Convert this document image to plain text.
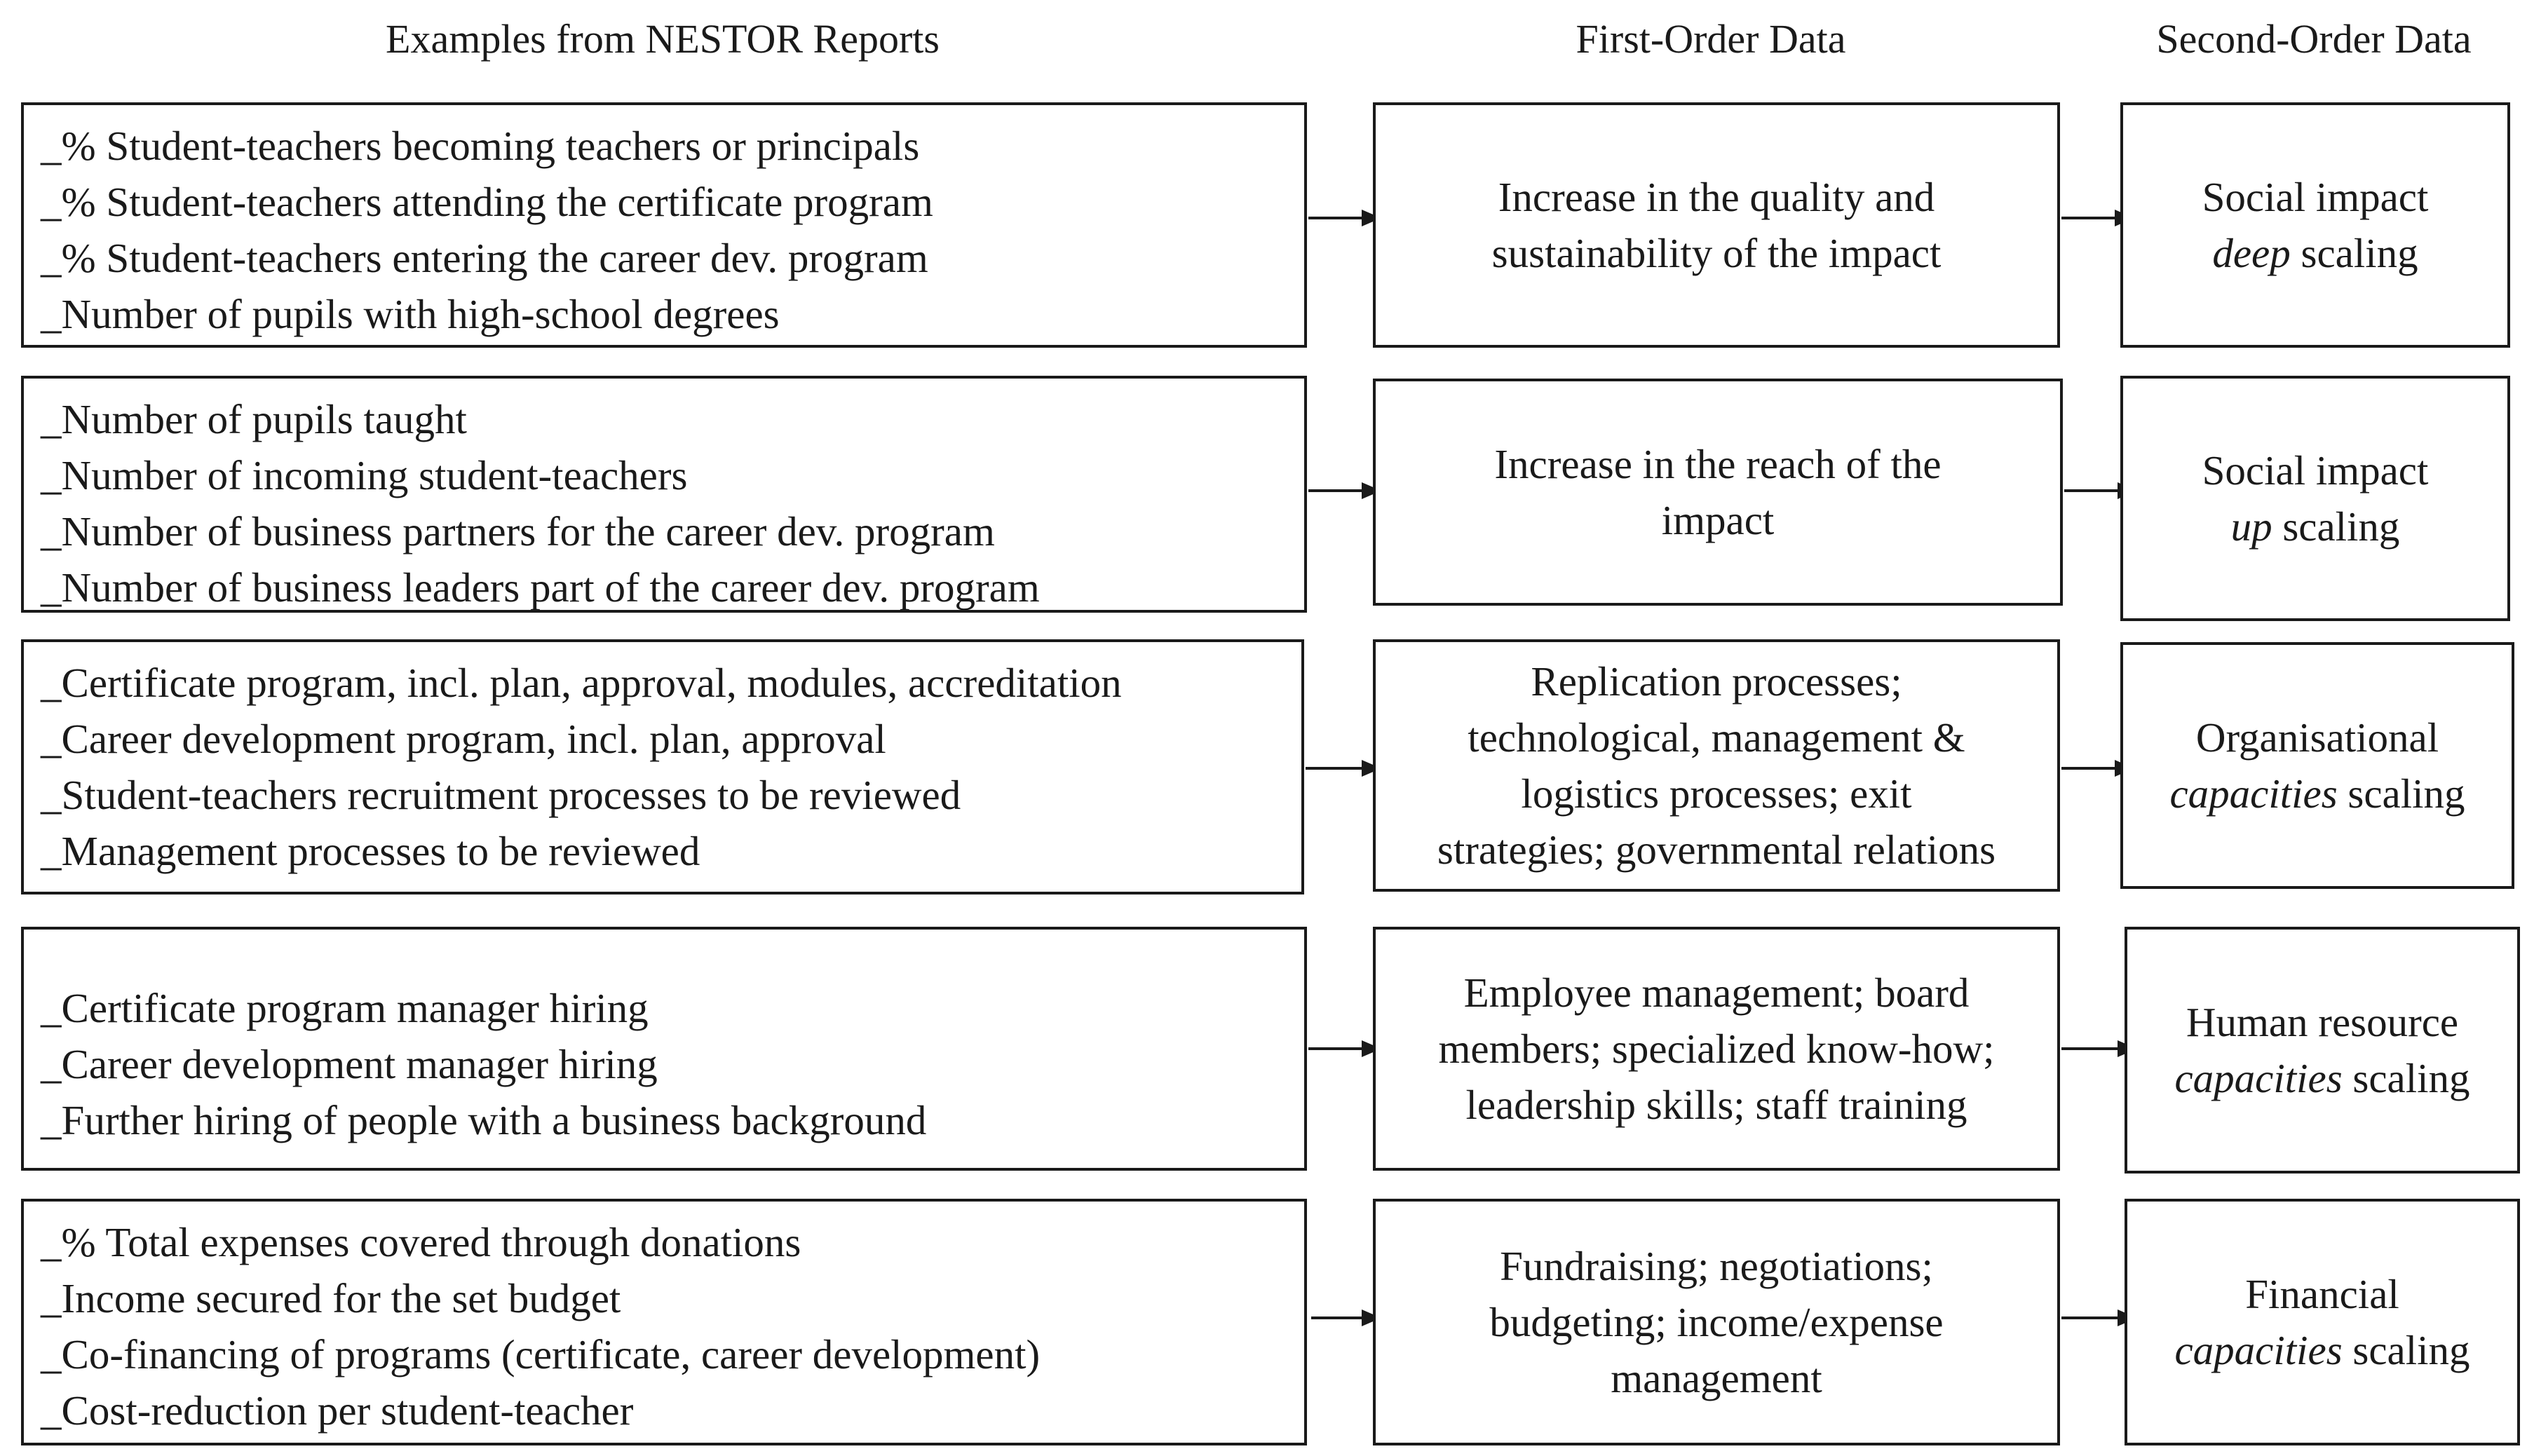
Examples from NESTOR Reports	First-Order Data	Second-Order Data
_% Student-teachers becoming teachers or principals
_% Student-teachers attending the certificate program
_% Student-teachers entering the career dev. program
_Number of pupils with high-school degrees
Increase in the quality and
sustainability of the impact
Social impact
deep scaling
_Number of pupils taught
_Number of incoming student-teachers
_Number of business partners for the career dev. program
_Number of business leaders part of the career dev. program
Increase in the reach of the
impact
Social impact
up scaling
_Certificate program, incl. plan, approval, modules, accreditation
_Career development program, incl. plan, approval
_Student-teachers recruitment processes to be reviewed
_Management processes to be reviewed
Replication processes;
technological, management &
logistics processes; exit
strategies; governmental relations
Organisational
capacities scaling
_Certificate program manager hiring
_Career development manager hiring
_Further hiring of people with a business background
Employee management; board
members; specialized know-how;
leadership skills; staff training
Human resource
capacities scaling
_% Total expenses covered through donations
_Income secured for the set budget
_Co-financing of programs (certificate, career development)
_Cost-reduction per student-teacher
Fundraising; negotiations;
budgeting; income/expense
management
Financial
capacities scaling
